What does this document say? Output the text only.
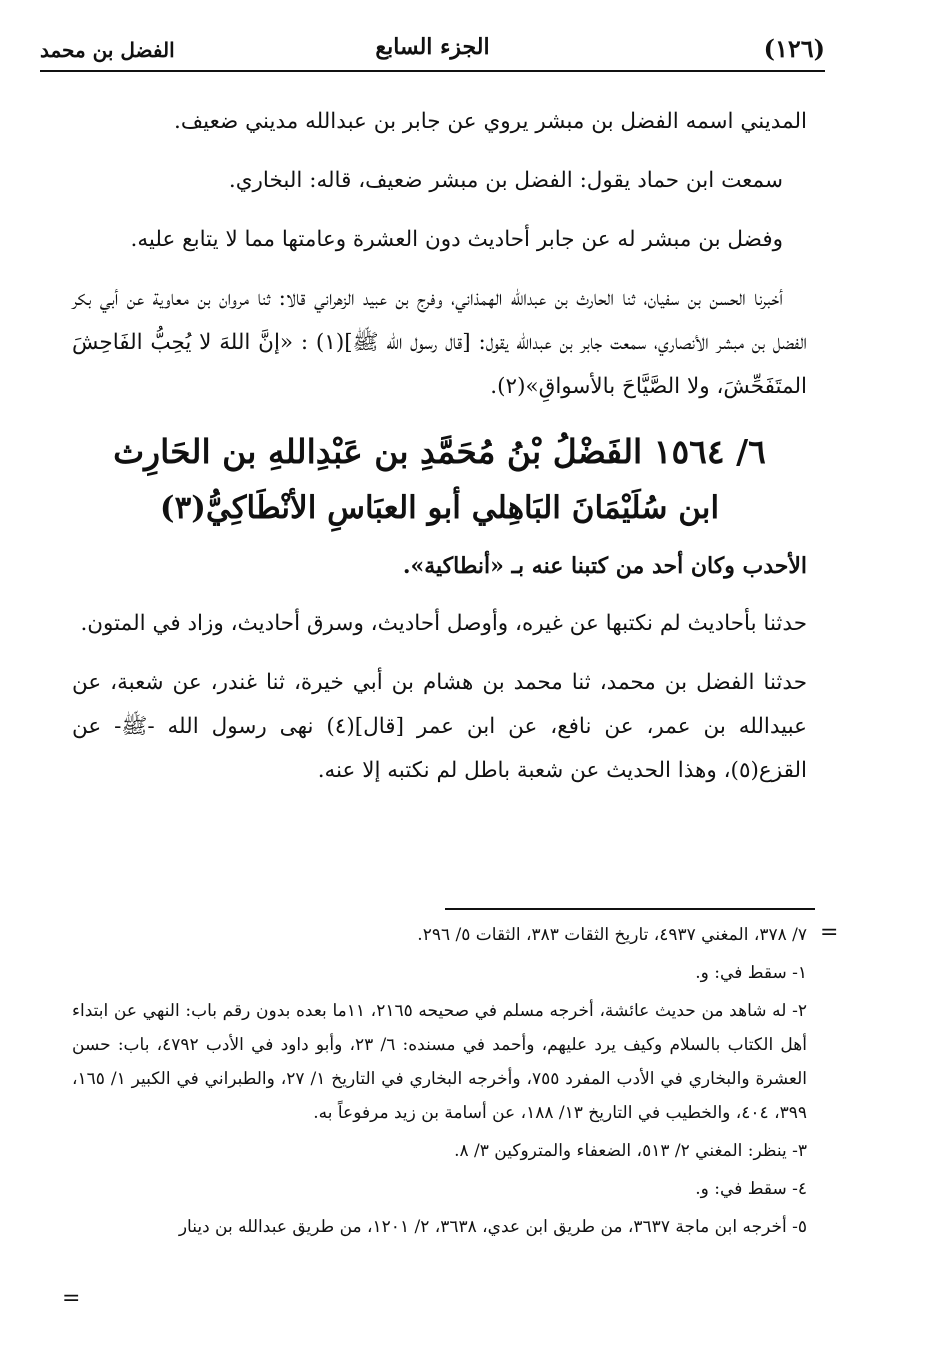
(١٢٦)
الجزء السابع
الفضل بن محمد

المديني اسمه الفضل بن مبشر يروي عن جابر بن عبدالله مديني ضعيف.

سمعت ابن حماد يقول: الفضل بن مبشر ضعيف، قاله: البخاري.

وفضل بن مبشر له عن جابر أحاديث دون العشرة وعامتها مما لا يتابع عليه.

أخبرنا الحسن بن سفيان، ثنا الحارث بن عبدالله الهمذاني، وفرج بن عبيد الزهراني قالا: ثنا مروان بن معاوية عن أبي بكر الفضل بن مبشر الأنصاري، سمعت جابر بن عبدالله يقول: [قال رسول الله ﷺ](١) : «إنَّ اللهَ لا يُحِبُّ الفَاحِشَ المتَفَحِّشَ، ولا الصَّيَّاحَ بالأسواقِ»(٢).

٦/ ١٥٦٤ الفَضْلُ بْنُ مُحَمَّدِ بن عَبْدِاللهِ بن الحَارِث
ابن سُلَيْمَانَ البَاهِلي أبو العبَاسِ الأنْطَاكِيُّ(٣)

الأحدب وكان أحد من كتبنا عنه بـ «أنطاكية».

حدثنا بأحاديث لم نكتبها عن غيره، وأوصل أحاديث، وسرق أحاديث، وزاد في المتون.

حدثنا الفضل بن محمد، ثنا محمد بن هشام بن أبي خيرة، ثنا غندر، عن شعبة، عن عبيدالله بن عمر، عن نافع، عن ابن عمر [قال](٤) نهى رسول الله -ﷺ- عن القزع(٥)، وهذا الحديث عن شعبة باطل لم نكتبه إلا عنه.

=

٧/ ٣٧٨، المغني ٤٩٣٧، تاريخ الثقات ٣٨٣، الثقات ٥/ ٢٩٦.

١- سقط في: و.

٢- له شاهد من حديث عائشة، أخرجه مسلم في صحيحه ٢١٦٥، ١١ما بعده بدون رقم باب: النهي عن ابتداء أهل الكتاب بالسلام وكيف يرد عليهم، وأحمد في مسنده: ٦/ ٢٣، وأبو داود في الأدب ٤٧٩٢، باب: حسن العشرة والبخاري في الأدب المفرد ٧٥٥، وأخرجه البخاري في التاريخ ١/ ٢٧، والطبراني في الكبير ١/ ١٦٥، ٣٩٩، ٤٠٤، والخطيب في التاريخ ١٣/ ١٨٨، عن أسامة بن زيد مرفوعاً به.

٣- ينظر: المغني ٢/ ٥١٣، الضعفاء والمتروكين ٣/ ٨.

٤- سقط في: و.

٥- أخرجه ابن ماجة ٣٦٣٧، من طريق ابن عدي، ٣٦٣٨، ٢/ ١٢٠١، من طريق عبدالله بن دينار

=
